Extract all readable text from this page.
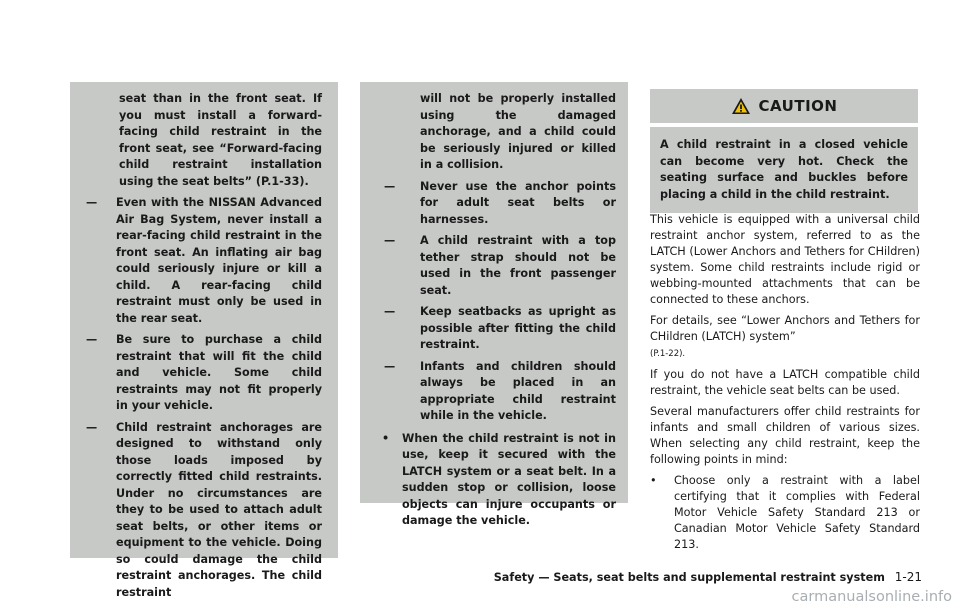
seat than in the front seat. If you must install a forward-facing child restraint in the front seat, see “Forward-facing child restraint installation using the seat belts” (P.1-33).
—	Even with the NISSAN Advanced Air Bag System, never install a rear-facing child restraint in the front seat. An inflating air bag could seriously injure or kill a child. A rear-facing child restraint must only be used in the rear seat.
—	Be sure to purchase a child restraint that will fit the child and vehicle. Some child restraints may not fit properly in your vehicle.
—	Child restraint anchorages are designed to withstand only those loads imposed by correctly fitted child restraints. Under no circumstances are they to be used to attach adult seat belts, or other items or equipment to the vehicle. Doing so could damage the child restraint anchorages. The child restraint
will not be properly installed using the damaged anchorage, and a child could be seriously injured or killed in a collision.
—	Never use the anchor points for adult seat belts or harnesses.
—	A child restraint with a top tether strap should not be used in the front passenger seat.
—	Keep seatbacks as upright as possible after fitting the child restraint.
—	Infants and children should always be placed in an appropriate child restraint while in the vehicle.
• When the child restraint is not in use, keep it secured with the LATCH system or a seat belt. In a sudden stop or collision, loose objects can injure occupants or damage the vehicle.
CAUTION
A child restraint in a closed vehicle can become very hot. Check the seating surface and buckles before placing a child in the child restraint.

This vehicle is equipped with a universal child restraint anchor system, referred to as the LATCH (Lower Anchors and Tethers for CHildren) system. Some child restraints include rigid or webbing-mounted attachments that can be connected to these anchors.

For details, see “Lower Anchors and Tethers for CHildren (LATCH) system”
(P.1-22).

If you do not have a LATCH compatible child restraint, the vehicle seat belts can be used.

Several manufacturers offer child restraints for infants and small children of various sizes. When selecting any child restraint, keep the following points in mind:

• Choose only a restraint with a label certifying that it complies with Federal Motor Vehicle Safety Standard 213 or Canadian Motor Vehicle Safety Standard 213.
Safety — Seats, seat belts and supplemental restraint system 1-21
carmanualsonline.info
